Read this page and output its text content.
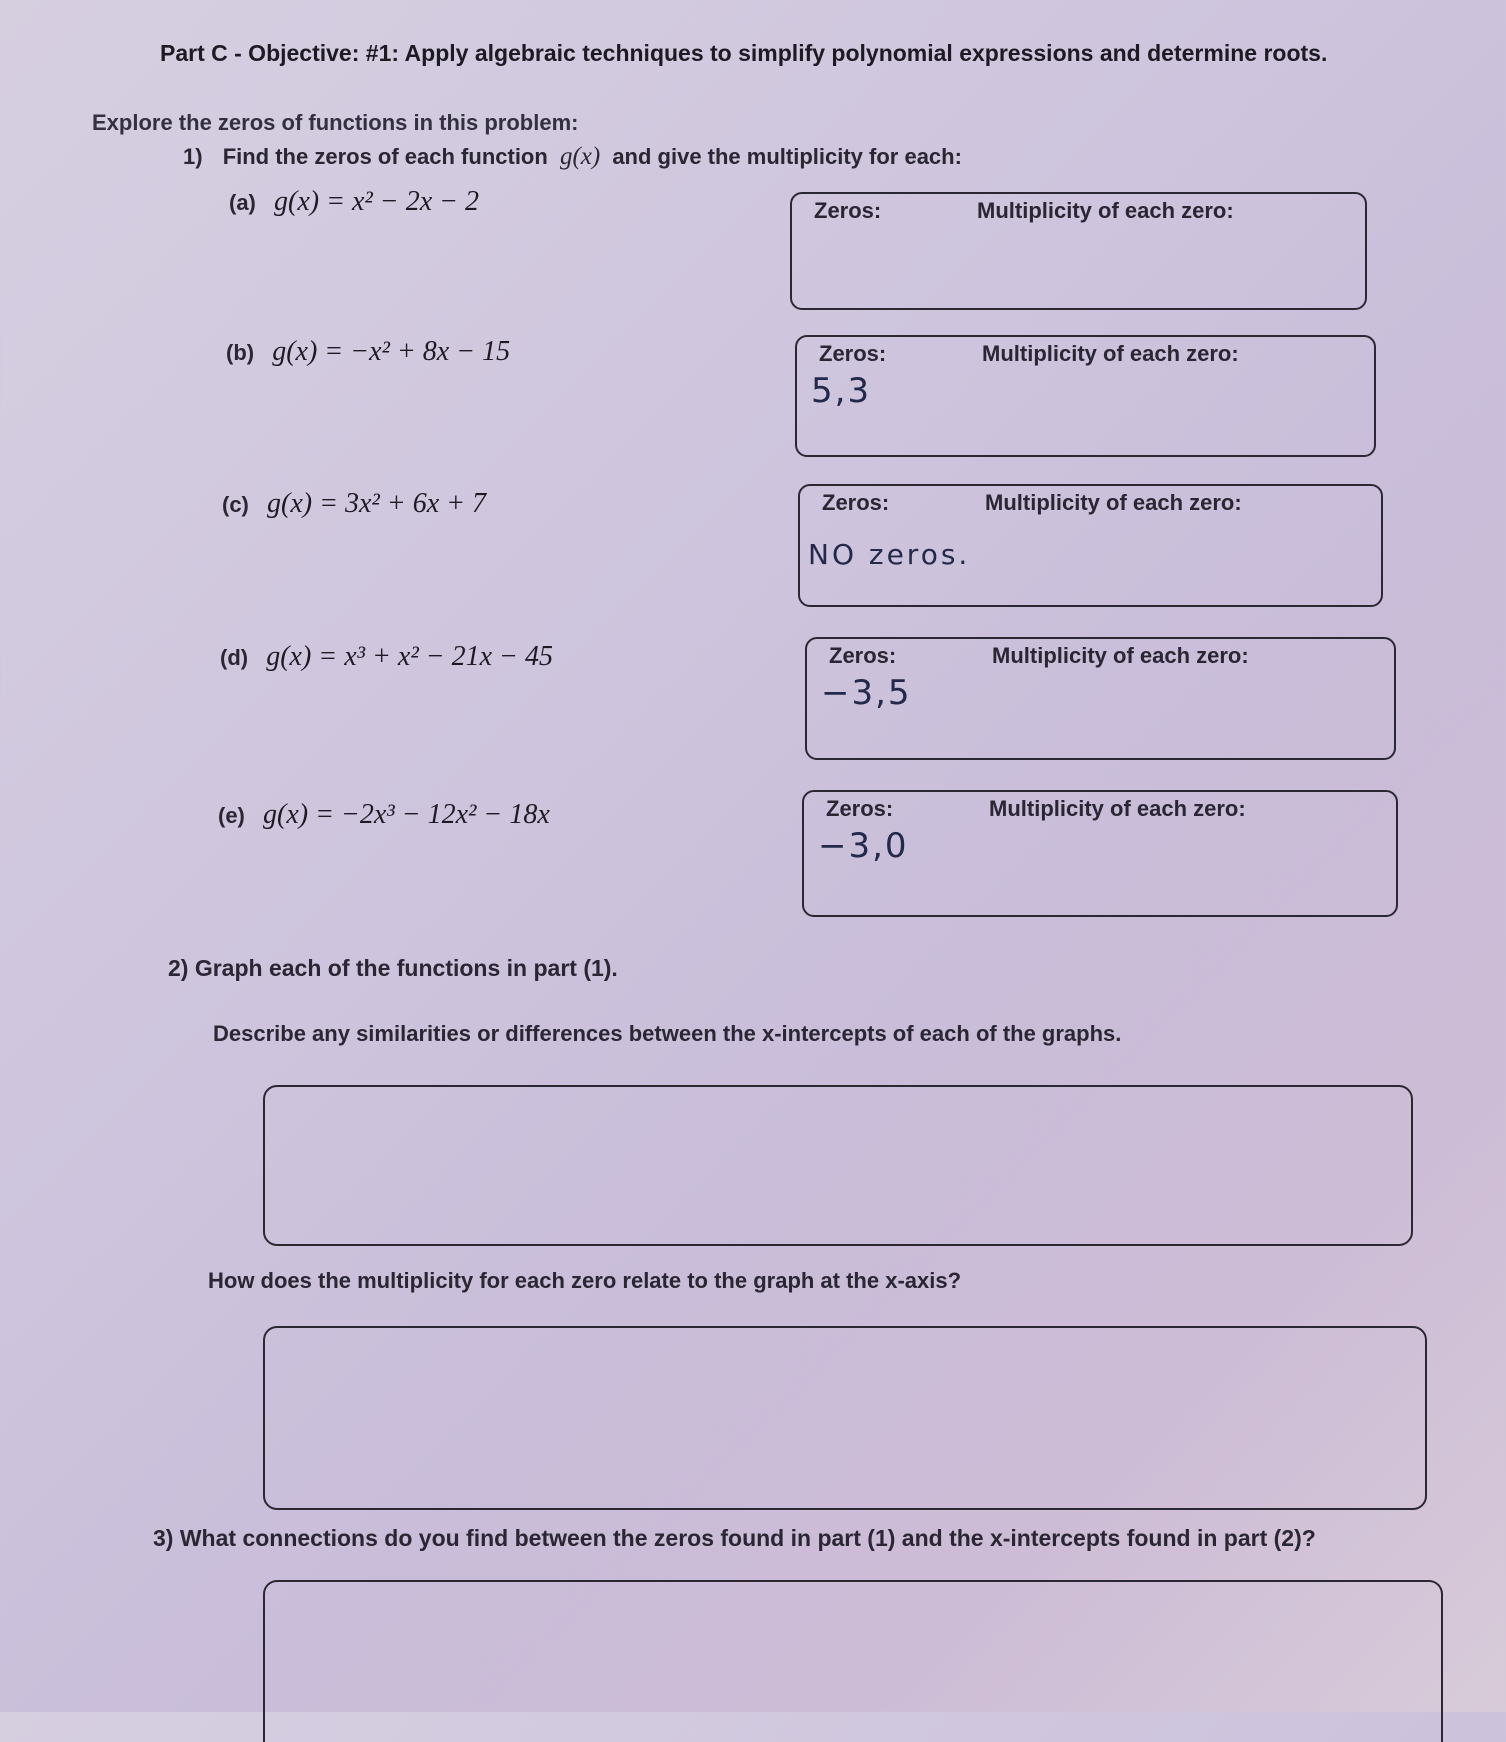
Part C - Objective: #1: Apply algebraic techniques to simplify polynomial expressions and determine roots.
Explore the zeros of functions in this problem:
1) Find the zeros of each function g(x) and give the multiplicity for each:
(a) g(x) = x² − 2x − 2	Zeros:	Multiplicity of each zero:
(b) g(x) = −x² + 8x − 15	Zeros:	Multiplicity of each zero:
5,3
(c) g(x) = 3x² + 6x + 7	Zeros:	Multiplicity of each zero:
NO zeros.
(d) g(x) = x³ + x² − 21x − 45	Zeros:	Multiplicity of each zero:
−3,5
(e) g(x) = −2x³ − 12x² − 18x	Zeros:	Multiplicity of each zero:
−3,0
2) Graph each of the functions in part (1).
Describe any similarities or differences between the x-intercepts of each of the graphs.
How does the multiplicity for each zero relate to the graph at the x-axis?
3) What connections do you find between the zeros found in part (1) and the x-intercepts found in part (2)?
